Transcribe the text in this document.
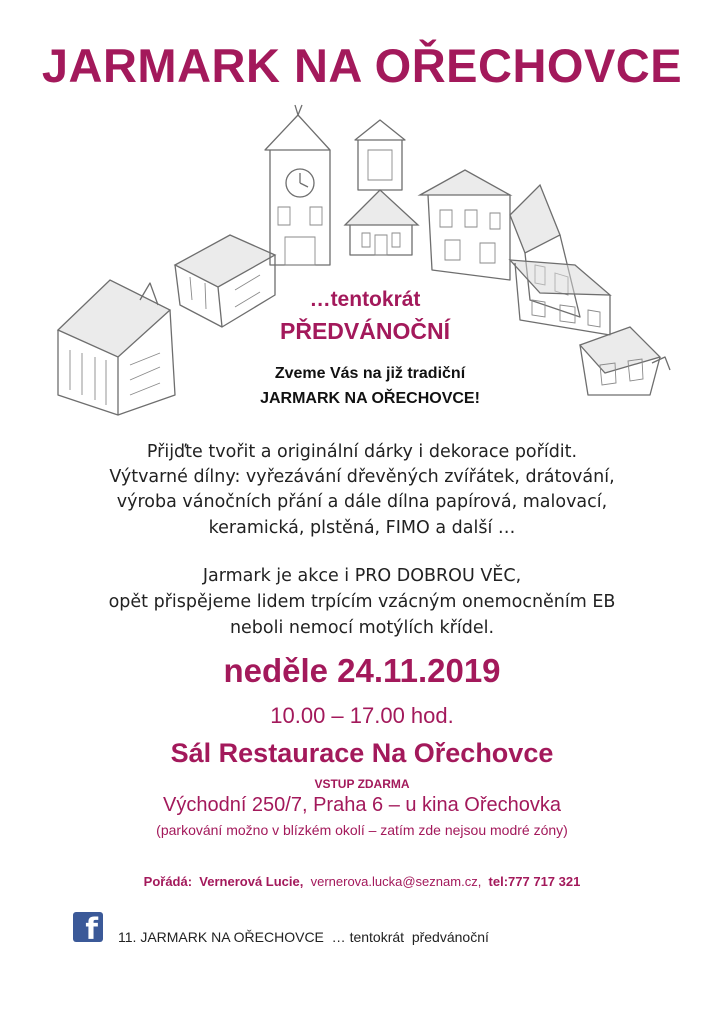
JARMARK NA OŘECHOVCE
…tentokrát
PŘEDVÁNOČNÍ
Zveme Vás na již tradiční
JARMARK NA OŘECHOVCE!
Přijďte tvořit a originální dárky i dekorace pořídit.
Výtvarné dílny: vyřezávání dřevěných zvířátek, drátování,
výroba vánočních přání a dále dílna papírová, malovací,
keramická, plstěná, FIMO a další …
Jarmark je akce i PRO DOBROU VĚC,
opět přispějeme lidem trpícím vzácným onemocněním EB
neboli nemocí motýlích křídel.
neděle 24.11.2019
10.00 – 17.00 hod.
Sál Restaurace Na Ořechovce
VSTUP ZDARMA
Východní 250/7, Praha 6 – u kina Ořechovka
(parkování možno v blízkém okolí – zatím zde nejsou modré zóny)
Pořádá: Vernerová Lucie, vernerova.lucka@seznam.cz, tel:777 717 321
f 11. JARMARK NA OŘECHOVCE  … tentokrát  předvánoční
